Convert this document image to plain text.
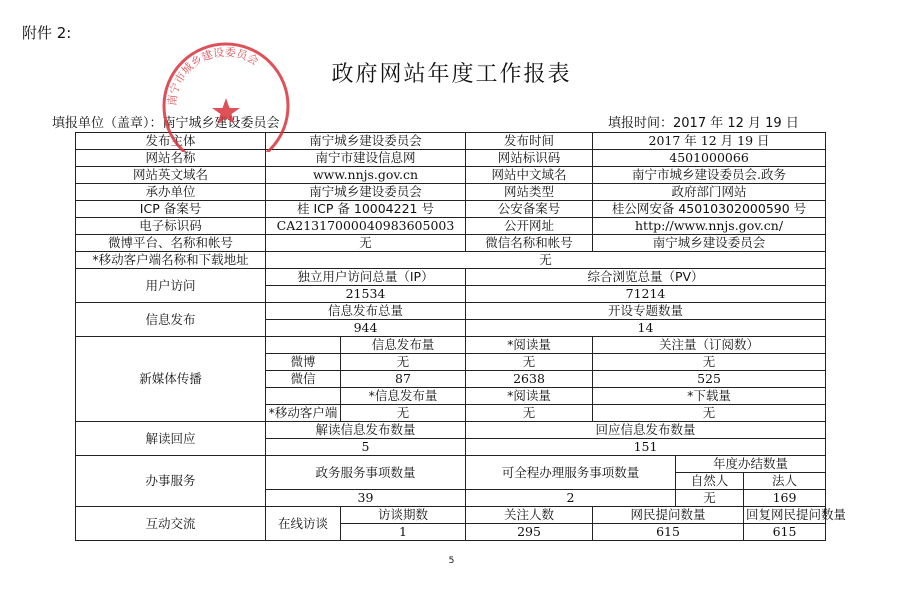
附件 2:
政府网站年度工作报表
填报单位（盖章）：南宁城乡建设委员会	填报时间：2017 年 12 月 19 日
发布主体	南宁城乡建设委员会		发布时间	2017 年 12 月 19 日		
网站名称	南宁市建设信息网		网站标识码	4501000066		
网站英文域名	www.nnjs.gov.cn		网站中文域名	南宁市城乡建设委员会.政务		
承办单位	南宁城乡建设委员会		网站类型	政府部门网站		
ICP 备案号	桂 ICP 备 10004221 号		公安备案号	桂公网安备 45010302000590 号		
电子标识码	CA21317000040983605003		公开网址	http://www.nnjs.gov.cn/		
微博平台、名称和帐号	无		微信名称和帐号	南宁城乡建设委员会		
*移动客户端名称和下载地址	无					
用户访问	独立用户访问总量（IP）		综合浏览总量（PV）			
	21534		71214			
信息发布	信息发布总量		开设专题数量			
	944		14			
新媒体传播		信息发布量	*阅读量	关注量（订阅数）		
	微博	无	无	无		
	微信	87	2638	525		
		*信息发布量	*阅读量	*下载量		
	*移动客户端	无	无	无		
解读回应	解读信息发布数量		回应信息发布数量			
	5		151			
办事服务	政务服务事项数量		可全程办理服务事项数量		年度办结数量	
					自然人	法人
	39		2		无	169
互动交流	在线访谈	访谈期数	关注人数	网民提问数量		回复网民提问数量
		1	295	615		615
南宁市城乡建设委员会
5
